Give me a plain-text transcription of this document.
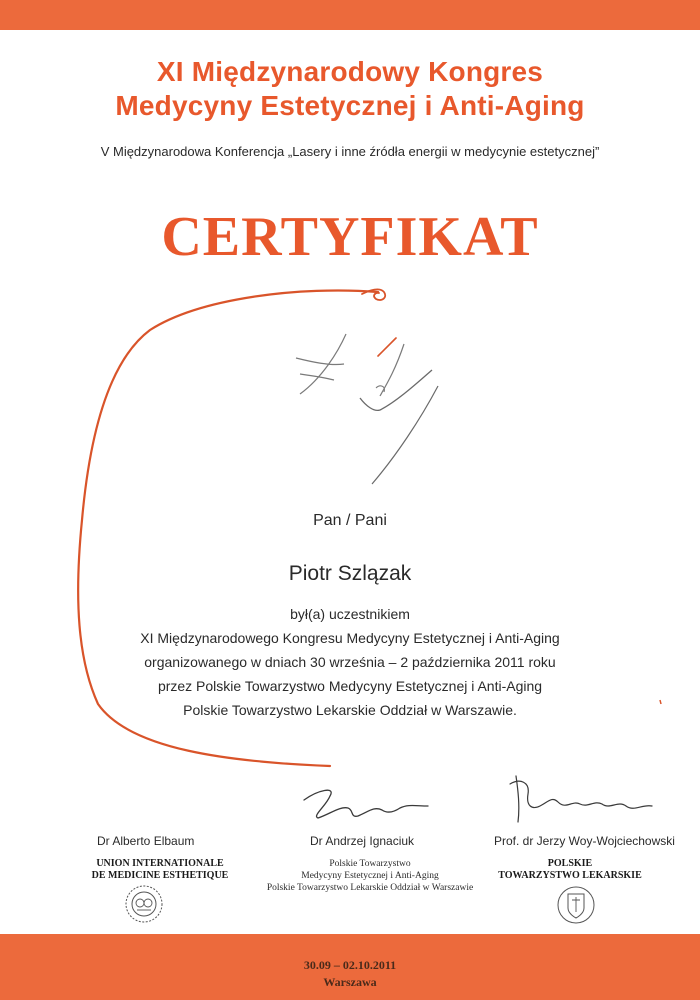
XI Międzynarodowy Kongres
Medycyny Estetycznej i Anti-Aging
V Międzynarodowa Konferencja „Lasery i inne źródła energii w medycynie estetycznej”
CERTYFIKAT
Pan / Pani
Piotr Szlązak
był(a) uczestnikiem
XI Międzynarodowego Kongresu Medycyny Estetycznej i Anti-Aging
organizowanego w dniach 30 września – 2 października 2011 roku
przez Polskie Towarzystwo Medycyny Estetycznej i Anti-Aging
Polskie Towarzystwo Lekarskie Oddział w Warszawie.
Dr Alberto Elbaum
UNION INTERNATIONALE
DE MEDICINE ESTHETIQUE
Dr Andrzej Ignaciuk
Polskie Towarzystwo
Medycyny Estetycznej i Anti-Aging
Polskie Towarzystwo Lekarskie Oddział w Warszawie
Prof. dr Jerzy Woy-Wojciechowski
POLSKIE
TOWARZYSTWO LEKARSKIE
30.09 – 02.10.2011
Warszawa
